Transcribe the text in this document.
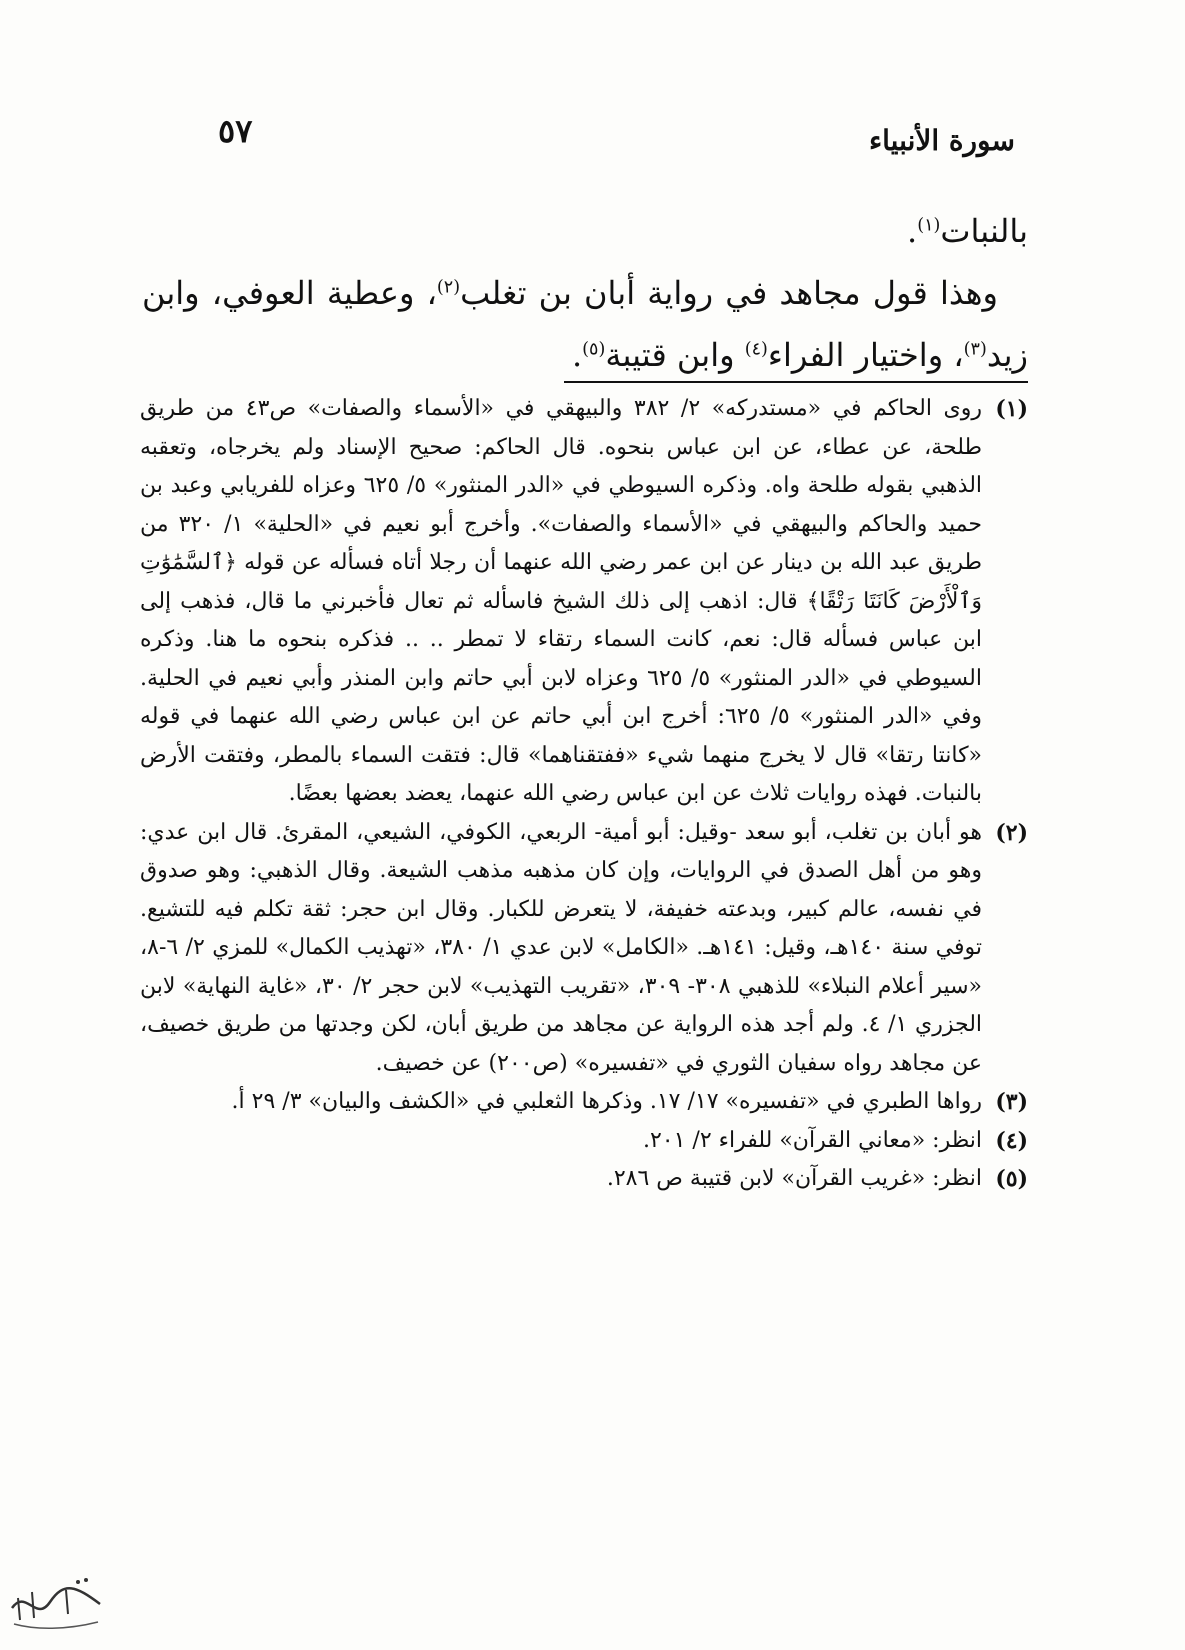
سورة الأنبياء
٥٧

بالنبات$^{(١)}$.

وهذا قول مجاهد في رواية أبان بن تغلب$^{(٢)}$، وعطية العوفي، وابن زيد$^{(٣)}$، واختيار الفراء$^{(٤)}$ وابن قتيبة$^{(٥)}$.

(١)
روى الحاكم في «مستدركه» ٢/ ٣٨٢ والبيهقي في «الأسماء والصفات» ص٤٣ من طريق طلحة، عن عطاء، عن ابن عباس بنحوه. قال الحاكم: صحيح الإسناد ولم يخرجاه، وتعقبه الذهبي بقوله طلحة واه. وذكره السيوطي في «الدر المنثور» ٥/ ٦٢٥ وعزاه للفريابي وعبد بن حميد والحاكم والبيهقي في «الأسماء والصفات». وأخرج أبو نعيم في «الحلية» ١/ ٣٢٠ من طريق عبد الله بن دينار عن ابن عمر رضي الله عنهما أن رجلا أتاه فسأله عن قوله ﴿ٱلسَّمَٰوَٰتِ وَٱلْأَرْضَ كَانَتَا رَتْقًا﴾ قال: اذهب إلى ذلك الشيخ فاسأله ثم تعال فأخبرني ما قال، فذهب إلى ابن عباس فسأله قال: نعم، كانت السماء رتقاء لا تمطر .. .. فذكره بنحوه ما هنا. وذكره السيوطي في «الدر المنثور» ٥/ ٦٢٥ وعزاه لابن أبي حاتم وابن المنذر وأبي نعيم في الحلية. وفي «الدر المنثور» ٥/ ٦٢٥: أخرج ابن أبي حاتم عن ابن عباس رضي الله عنهما في قوله «كانتا رتقا» قال لا يخرج منهما شيء «ففتقناهما» قال: فتقت السماء بالمطر، وفتقت الأرض بالنبات. فهذه روايات ثلاث عن ابن عباس رضي الله عنهما، يعضد بعضها بعضًا.
(٢)
هو أبان بن تغلب، أبو سعد -وقيل: أبو أمية- الربعي، الكوفي، الشيعي، المقرئ. قال ابن عدي: وهو من أهل الصدق في الروايات، وإن كان مذهبه مذهب الشيعة. وقال الذهبي: وهو صدوق في نفسه، عالم كبير، وبدعته خفيفة، لا يتعرض للكبار. وقال ابن حجر: ثقة تكلم فيه للتشيع. توفي سنة ١٤٠هـ، وقيل: ١٤١هـ. «الكامل» لابن عدي ١/ ٣٨٠، «تهذيب الكمال» للمزي ٢/ ٦-٨، «سير أعلام النبلاء» للذهبي ٣٠٨- ٣٠٩، «تقريب التهذيب» لابن حجر ٢/ ٣٠، «غاية النهاية» لابن الجزري ١/ ٤. ولم أجد هذه الرواية عن مجاهد من طريق أبان، لكن وجدتها من طريق خصيف، عن مجاهد رواه سفيان الثوري في «تفسيره» (ص٢٠٠) عن خصيف.
(٣)
رواها الطبري في «تفسيره» ١٧/ ١٧. وذكرها الثعلبي في «الكشف والبيان» ٣/ ٢٩ أ.
(٤)
انظر: «معاني القرآن» للفراء ٢/ ٢٠١.
(٥)
انظر: «غريب القرآن» لابن قتيبة ص ٢٨٦.
